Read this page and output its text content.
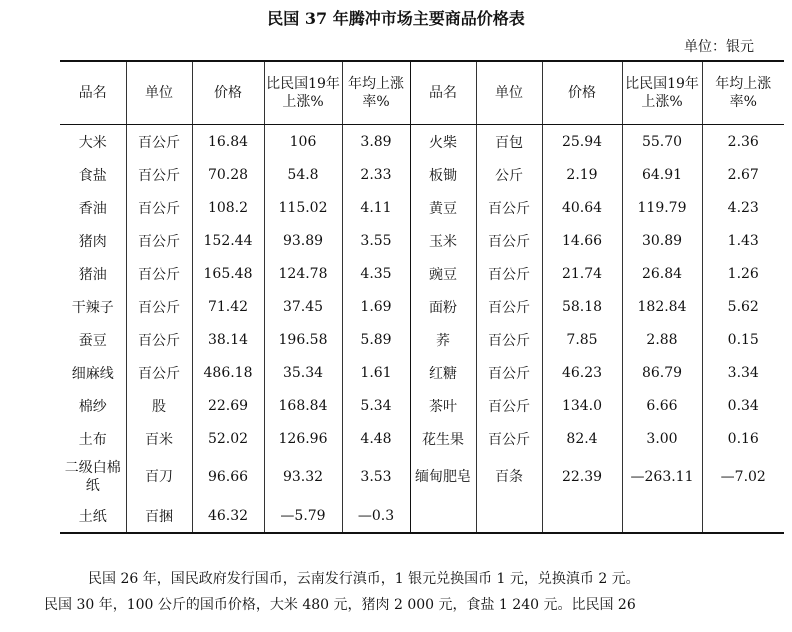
民国 37 年腾冲市场主要商品价格表
单位：银元
品名	单位	价格	比民国19年上涨%	年均上涨率%	品名	单位	价格	比民国19年上涨%	年均上涨率%
大米	百公斤	16.84	106	3.89	火柴	百包	25.94	55.70	2.36
食盐	百公斤	70.28	54.8	2.33	板锄	公斤	2.19	64.91	2.67
香油	百公斤	108.2	115.02	4.11	黄豆	百公斤	40.64	119.79	4.23
猪肉	百公斤	152.44	93.89	3.55	玉米	百公斤	14.66	30.89	1.43
猪油	百公斤	165.48	124.78	4.35	豌豆	百公斤	21.74	26.84	1.26
干辣子	百公斤	71.42	37.45	1.69	面粉	百公斤	58.18	182.84	5.62
蚕豆	百公斤	38.14	196.58	5.89	荞	百公斤	7.85	2.88	0.15
细麻线	百公斤	486.18	35.34	1.61	红糖	百公斤	46.23	86.79	3.34
棉纱	股	22.69	168.84	5.34	茶叶	百公斤	134.0	6.66	0.34
土布	百米	52.02	126.96	4.48	花生果	百公斤	82.4	3.00	0.16
二级白棉纸	百刀	96.66	93.32	3.53	缅甸肥皂	百条	22.39	—263.11	—7.02
土纸	百捆	46.32	—5.79	—0.3					
民国 26 年，国民政府发行国币，云南发行滇币，1 银元兑换国币 1 元，兑换滇币 2 元。
民国 30 年，100 公斤的国币价格，大米 480 元，猪肉 2 000 元，食盐 1 240 元。比民国 26
